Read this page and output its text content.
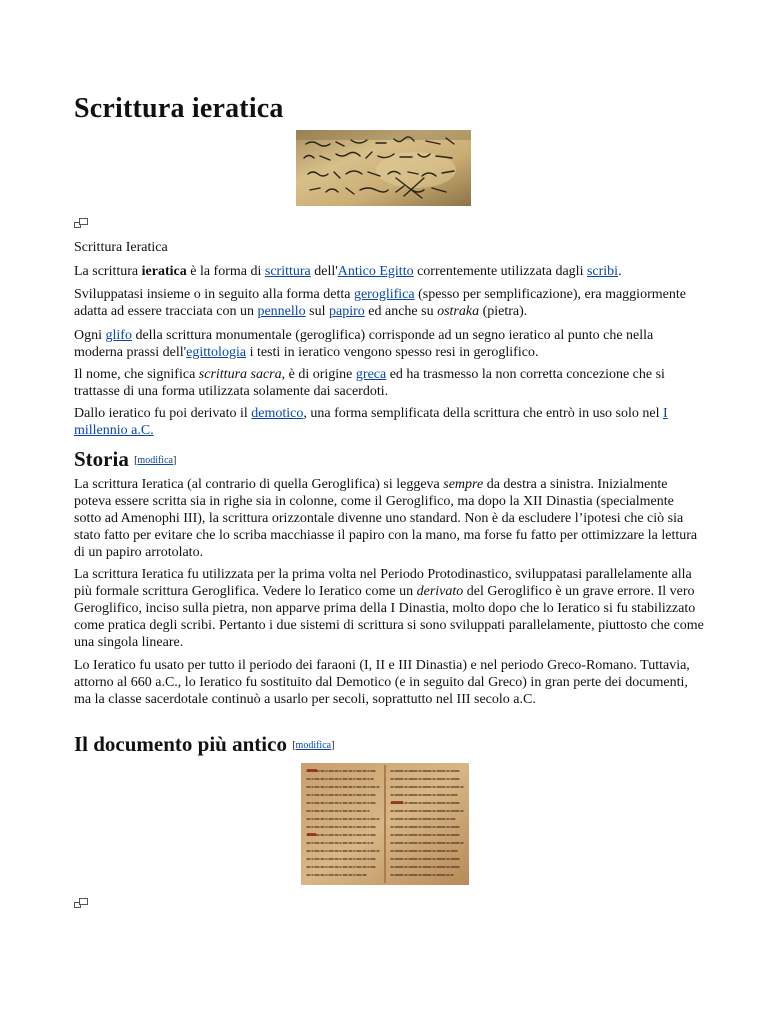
Scrittura ieratica

Scrittura Ieratica

La scrittura ieratica è la forma di scrittura dell'Antico Egitto correntemente utilizzata dagli scribi.

Sviluppatasi insieme o in seguito alla forma detta geroglifica (spesso per semplificazione), era maggiormente adatta ad essere tracciata con un pennello sul papiro ed anche su ostraka (pietra).

Ogni glifo della scrittura monumentale (geroglifica) corrisponde ad un segno ieratico al punto che nella moderna prassi dell'egittologia i testi in ieratico vengono spesso resi in geroglifico.

Il nome, che significa scrittura sacra, è di origine greca ed ha trasmesso la non corretta concezione che si trattasse di una forma utilizzata solamente dai sacerdoti.

Dallo ieratico fu poi derivato il demotico, una forma semplificata della scrittura che entrò in uso solo nel I millennio a.C.

Storia [modifica]

La scrittura Ieratica (al contrario di quella Geroglifica) si leggeva sempre da destra a sinistra. Inizialmente poteva essere scritta sia in righe sia in colonne, come il Geroglifico, ma dopo la XII Dinastia (specialmente sotto ad Amenophi III), la scrittura orizzontale divenne uno standard. Non è da escludere l’ipotesi che ciò sia stato fatto per evitare che lo scriba macchiasse il papiro con la mano, ma forse fu fatto per ottimizzare la lettura di un papiro arrotolato.

La scrittura Ieratica fu utilizzata per la prima volta nel Periodo Protodinastico, sviluppatasi parallelamente alla più formale scrittura Geroglifica. Vedere lo Ieratico come un derivato del Geroglifico è un grave errore. Il vero Geroglifico, inciso sulla pietra, non apparve prima della I Dinastia, molto dopo che lo Ieratico si fu stabilizzato come pratica degli scribi. Pertanto i due sistemi di scrittura si sono sviluppati parallelamente, piuttosto che come una singola lineare.

Lo Ieratico fu usato per tutto il periodo dei faraoni (I, II e III Dinastia) e nel periodo Greco-Romano. Tuttavia, attorno al 660 a.C., lo Ieratico fu sostituito dal Demotico (e in seguito dal Greco) in gran perte dei documenti, ma la classe sacerdotale continuò a usarlo per secoli, soprattutto nel III secolo a.C.

Il documento più antico [modifica]
